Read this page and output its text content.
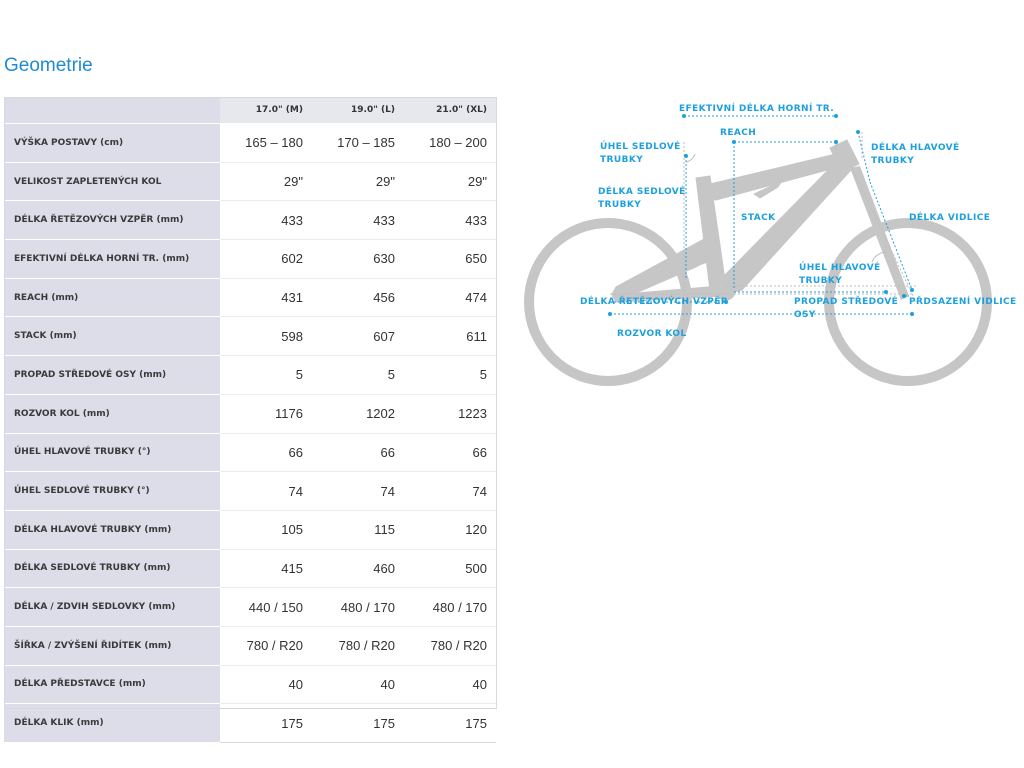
Geometrie
	17.0" (M)	19.0" (L)	21.0" (XL)
VÝŠKA POSTAVY (cm)	165 – 180	170 – 185	180 – 200
VELIKOST ZAPLETENÝCH KOL	29"	29"	29"
DÉLKA ŘETĚZOVÝCH VZPĚR (mm)	433	433	433
EFEKTIVNÍ DÉLKA HORNÍ TR. (mm)	602	630	650
REACH (mm)	431	456	474
STACK (mm)	598	607	611
PROPAD STŘEDOVÉ OSY (mm)	5	5	5
ROZVOR KOL (mm)	1176	1202	1223
ÚHEL HLAVOVÉ TRUBKY (°)	66	66	66
ÚHEL SEDLOVÉ TRUBKY (°)	74	74	74
DÉLKA HLAVOVÉ TRUBKY (mm)	105	115	120
DÉLKA SEDLOVÉ TRUBKY (mm)	415	460	500
DÉLKA / ZDVIH SEDLOVKY (mm)	440 / 150	480 / 170	480 / 170
ŠÍŘKA / ZVÝŠENÍ ŘIDÍTEK (mm)	780 / R20	780 / R20	780 / R20
DÉLKA PŘEDSTAVCE (mm)	40	40	40
DÉLKA KLIK (mm)	175	175	175
EFEKTIVNÍ DÉLKA HORNÍ TR.
REACH
ÚHEL SEDLOVÉ
TRUBKY
DÉLKA HLAVOVÉ
TRUBKY
DÉLKA SEDLOVÉ
TRUBKY
STACK	DÉLKA VIDLICE
ÚHEL HLAVOVÉ
TRUBKY
DÉLKA ŘETĚZOVÝCH VZPĚR	PROPAD STŘEDOVÉ
OSY
PŘDSAZENÍ VIDLICE
ROZVOR KOL
